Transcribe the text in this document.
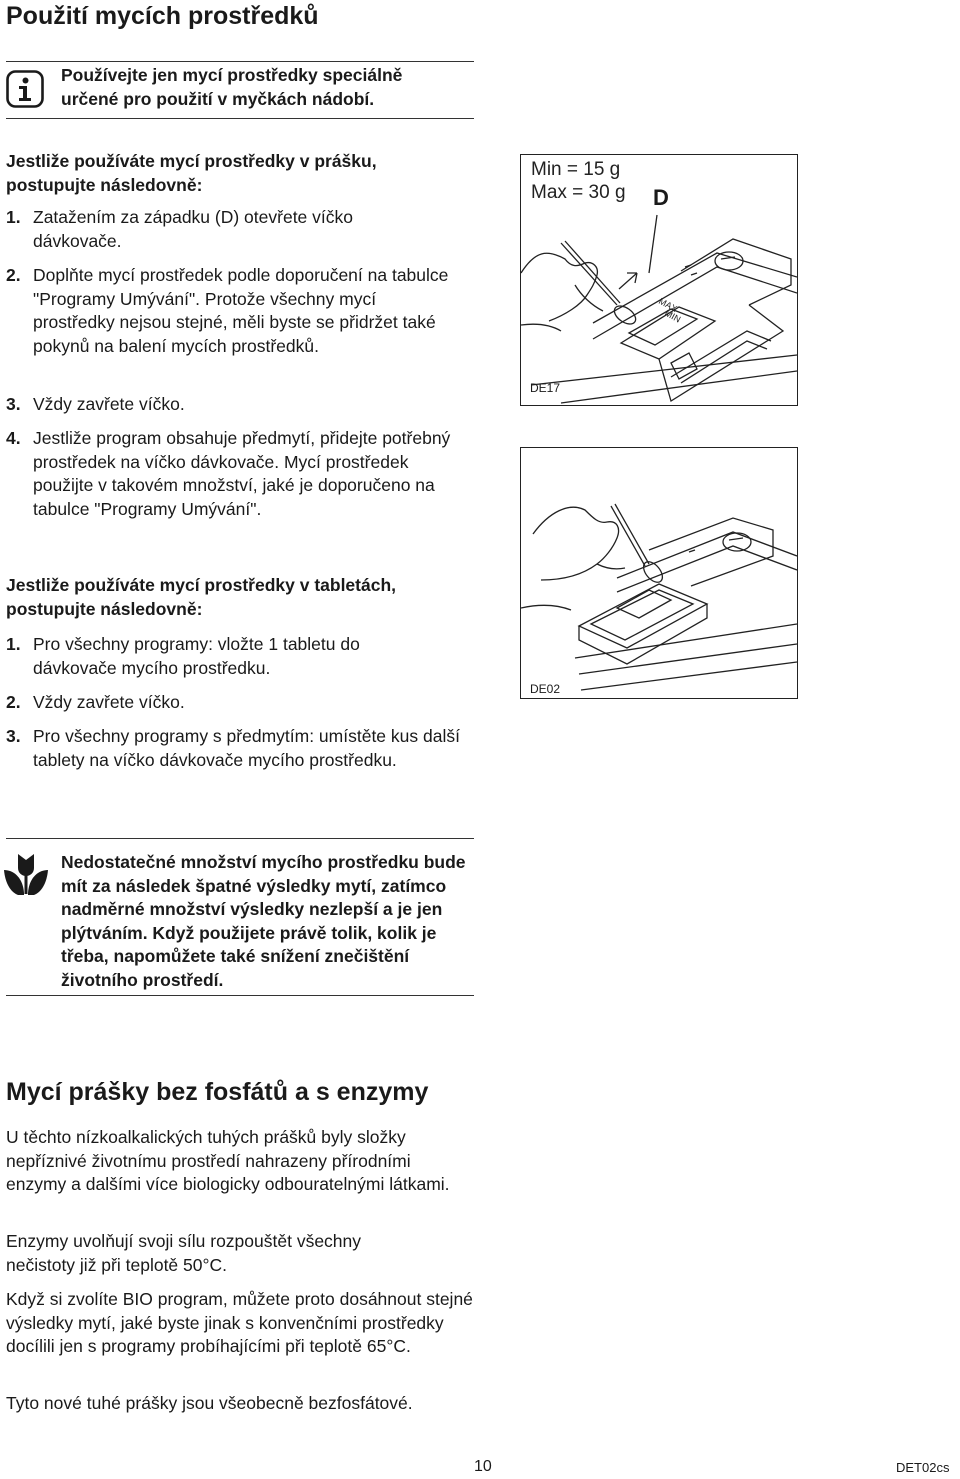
Použití mycích prostředků
Používejte jen mycí prostředky speciálně určené pro použití v myčkách nádobí.
Jestliže používáte mycí prostředky v prášku, postupujte následovně:
1. Zatažením za západku (D) otevřete víčko dávkovače.
2. Doplňte mycí prostředek podle doporučení na tabulce "Programy Umývání". Protože všechny mycí prostředky nejsou stejné, měli byste se přidržet také pokynů na balení mycích prostředků.
3. Vždy zavřete víčko.
4. Jestliže program obsahuje předmytí, přidejte potřebný prostředek na víčko dávkovače. Mycí prostředek použijte v takovém množství, jaké je doporučeno na tabulce "Programy Umývání".
Jestliže používáte mycí prostředky v tabletách, postupujte následovně:
1. Pro všechny programy: vložte 1 tabletu do dávkovače mycího prostředku.
2. Vždy zavřete víčko.
3. Pro všechny programy s předmytím: umístěte kus další tablety na víčko dávkovače mycího prostředku.
Min = 15 g
Max = 30 g D
MAX
MIN
DE17
DE02
Nedostatečné množství mycího prostředku bude mít za následek špatné výsledky mytí, zatímco nadměrné množství výsledky nezlepší a je jen plýtváním. Když použijete právě tolik, kolik je třeba, napomůžete také snížení znečištění životního prostředí.
Mycí prášky bez fosfátů a s enzymy
U těchto nízkoalkalických tuhých prášků byly složky nepříznivé životnímu prostředí nahrazeny přírodními enzymy a dalšími více biologicky odbouratelnými látkami.
Enzymy uvolňují svoji sílu rozpouštět všechny nečistoty již při teplotě 50°C.
Když si zvolíte BIO program, můžete proto dosáhnout stejné výsledky mytí, jaké byste jinak s konvenčními prostředky docílili jen s programy probíhajícími při teplotě 65°C.
Tyto nové tuhé prášky jsou všeobecně bezfosfátové.
10	DET02cs
